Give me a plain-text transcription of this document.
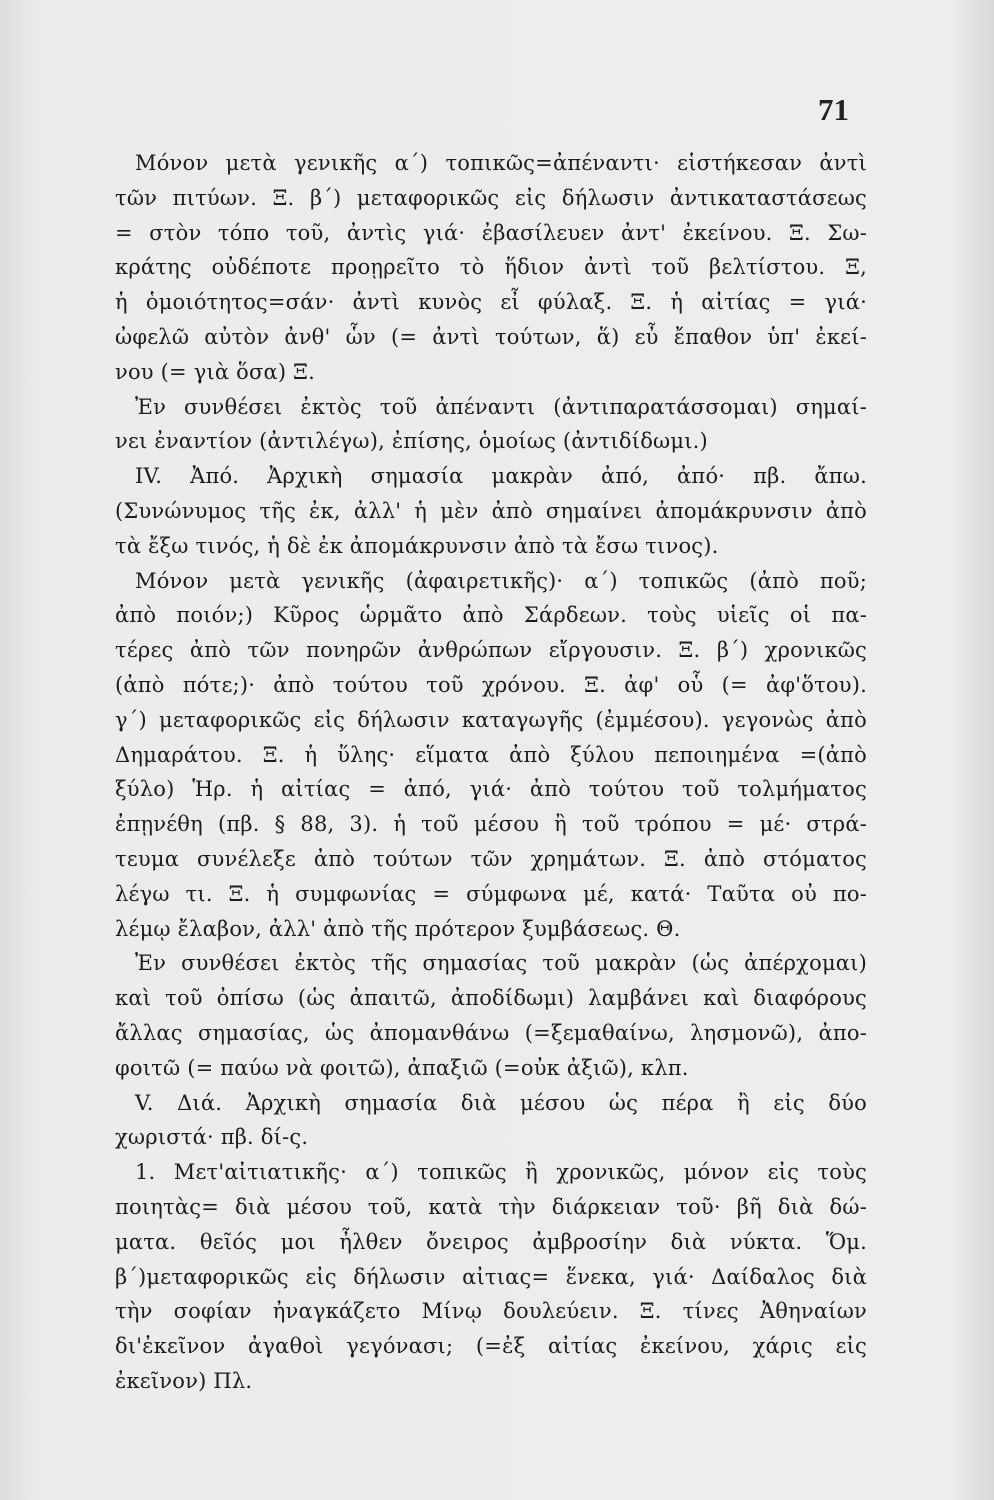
71
Μόνον μετὰ γενικῆς α΄) τοπικῶς=ἀπέναντι· εἱστήκεσαν ἀντὶ
τῶν πιτύων. Ξ. β΄) μεταφορικῶς εἰς δήλωσιν ἀντικαταστάσεως
= στὸν τόπο τοῦ, ἀντὶς γιά· ἐβασίλευεν ἀντ' ἐκείνου. Ξ. Σω-
κράτης οὐδέποτε προῃρεῖτο τὸ ἥδιον ἀντὶ τοῦ βελτίστου. Ξ,
ἡ ὁμοιότητος=σάν· ἀντὶ κυνὸς εἶ φύλαξ. Ξ. ἡ αἰτίας = γιά·
ὠφελῶ αὐτὸν ἀνθ' ὧν (= ἀντὶ τούτων, ἅ) εὖ ἔπαθον ὑπ' ἐκεί-
νου (= γιὰ ὅσα) Ξ.
Ἐν συνθέσει ἐκτὸς τοῦ ἀπέναντι (ἀντιπαρατάσσομαι) σημαί-
νει ἐναντίον (ἀντιλέγω), ἐπίσης, ὁμοίως (ἀντιδίδωμι.)
IV. Ἀπό. Ἀρχικὴ σημασία μακρὰν ἀπό, ἀπό· πβ. ἄπω.
(Συνώνυμος τῆς ἐκ, ἀλλ' ἡ μὲν ἀπὸ σημαίνει ἀπομάκρυνσιν ἀπὸ
τὰ ἔξω τινός, ἡ δὲ ἐκ ἀπομάκρυνσιν ἀπὸ τὰ ἔσω τινος).
Μόνον μετὰ γενικῆς (ἀφαιρετικῆς)· α΄) τοπικῶς (ἀπὸ ποῦ;
ἀπὸ ποιόν;) Κῦρος ὡρμᾶτο ἀπὸ Σάρδεων. τοὺς υἱεῖς οἱ πα-
τέρες ἀπὸ τῶν πονηρῶν ἀνθρώπων εἴργουσιν. Ξ. β΄) χρονικῶς
(ἀπὸ πότε;)· ἀπὸ τούτου τοῦ χρόνου. Ξ. ἀφ' οὗ (= ἀφ'ὅτου).
γ΄) μεταφορικῶς εἰς δήλωσιν καταγωγῆς (ἐμμέσου). γεγονὼς ἀπὸ
Δημαράτου. Ξ. ἡ ὕλης· εἵματα ἀπὸ ξύλου πεποιημένα =(ἀπὸ
ξύλο) Ἡρ. ἡ αἰτίας = ἀπό, γιά· ἀπὸ τούτου τοῦ τολμήματος
ἐπῃνέθη (πβ. § 88, 3). ἡ τοῦ μέσου ἢ τοῦ τρόπου = μέ· στρά-
τευμα συνέλεξε ἀπὸ τούτων τῶν χρημάτων. Ξ. ἀπὸ στόματος
λέγω τι. Ξ. ἡ συμφωνίας = σύμφωνα μέ, κατά· Ταῦτα οὐ πο-
λέμῳ ἔλαβον, ἀλλ' ἀπὸ τῆς πρότερον ξυμβάσεως. Θ.
Ἐν συνθέσει ἐκτὸς τῆς σημασίας τοῦ μακρὰν (ὡς ἀπέρχομαι)
καὶ τοῦ ὀπίσω (ὡς ἀπαιτῶ, ἀποδίδωμι) λαμβάνει καὶ διαφόρους
ἄλλας σημασίας, ὡς ἀπομανθάνω (=ξεμαθαίνω, λησμονῶ), ἀπο-
φοιτῶ (= παύω νὰ φοιτῶ), ἀπαξιῶ (=οὐκ ἀξιῶ), κλπ.
V. Διά. Ἀρχικὴ σημασία διὰ μέσου ὡς πέρα ἢ εἰς δύο
χωριστά· πβ. δί-ς.
1. Μετ'αἰτιατικῆς· α΄) τοπικῶς ἢ χρονικῶς, μόνον εἰς τοὺς
ποιητὰς= διὰ μέσου τοῦ, κατὰ τὴν διάρκειαν τοῦ· βῆ διὰ δώ-
ματα. θεῖός μοι ἦλθεν ὄνειρος ἀμβροσίην διὰ νύκτα. Ὅμ.
β΄)μεταφορικῶς εἰς δήλωσιν αἰτιας= ἕνεκα, γιά· Δαίδαλος διὰ
τὴν σοφίαν ἠναγκάζετο Μίνῳ δουλεύειν. Ξ. τίνες Ἀθηναίων
δι'ἐκεῖνον ἀγαθοὶ γεγόνασι; (=ἐξ αἰτίας ἐκείνου, χάρις εἰς
ἐκεῖνον) Πλ.
